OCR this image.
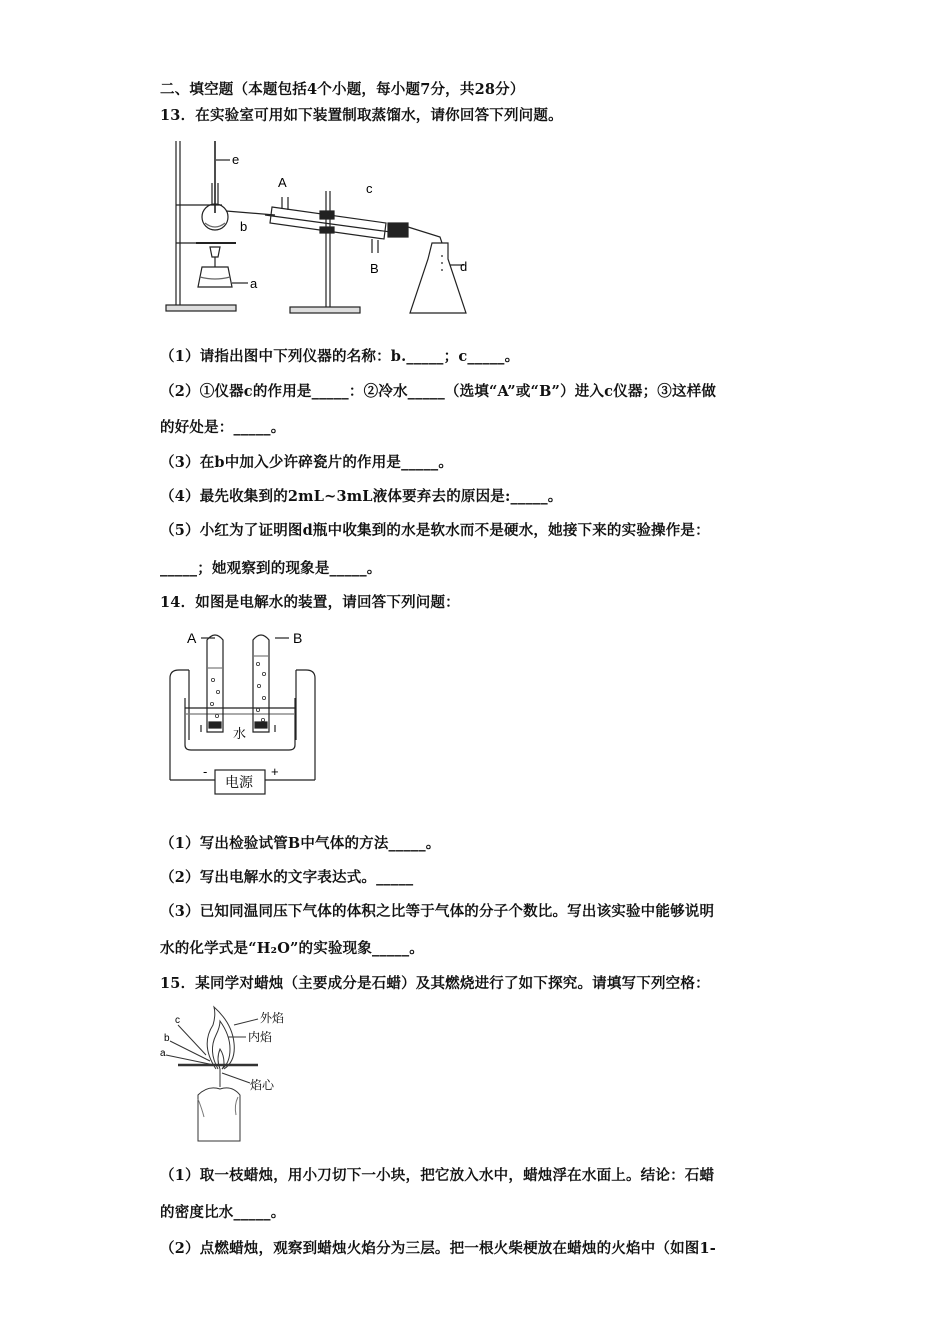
二、填空题（本题包括4个小题，每小题7分，共28分）
13．在实验室可用如下装置制取蒸馏水，请你回答下列问题。
e
A	c
b
B	d
a
（1）请指出图中下列仪器的名称：b._____；c_____。
（2）①仪器c的作用是_____：②冷水_____（选填“A”或“B”）进入c仪器；③这样做
的好处是：_____。
（3）在b中加入少许碎瓷片的作用是_____。
（4）最先收集到的2mL~3mL液体要弃去的原因是:_____。
（5）小红为了证明图d瓶中收集到的水是软水而不是硬水，她接下来的实验操作是：
_____；她观察到的现象是_____。
14．如图是电解水的装置，请回答下列问题：
A	B
水
电源
-	+
（1）写出检验试管B中气体的方法_____。
（2）写出电解水的文字表达式。_____
（3）已知同温同压下气体的体积之比等于气体的分子个数比。写出该实验中能够说明
水的化学式是“H₂O”的实验现象_____。
15．某同学对蜡烛（主要成分是石蜡）及其燃烧进行了如下探究。请填写下列空格：
外焰
内焰
焰心
c
b
a
（1）取一枝蜡烛，用小刀切下一小块，把它放入水中，蜡烛浮在水面上。结论：石蜡
的密度比水_____。
（2）点燃蜡烛，观察到蜡烛火焰分为三层。把一根火柴梗放在蜡烛的火焰中（如图1-
